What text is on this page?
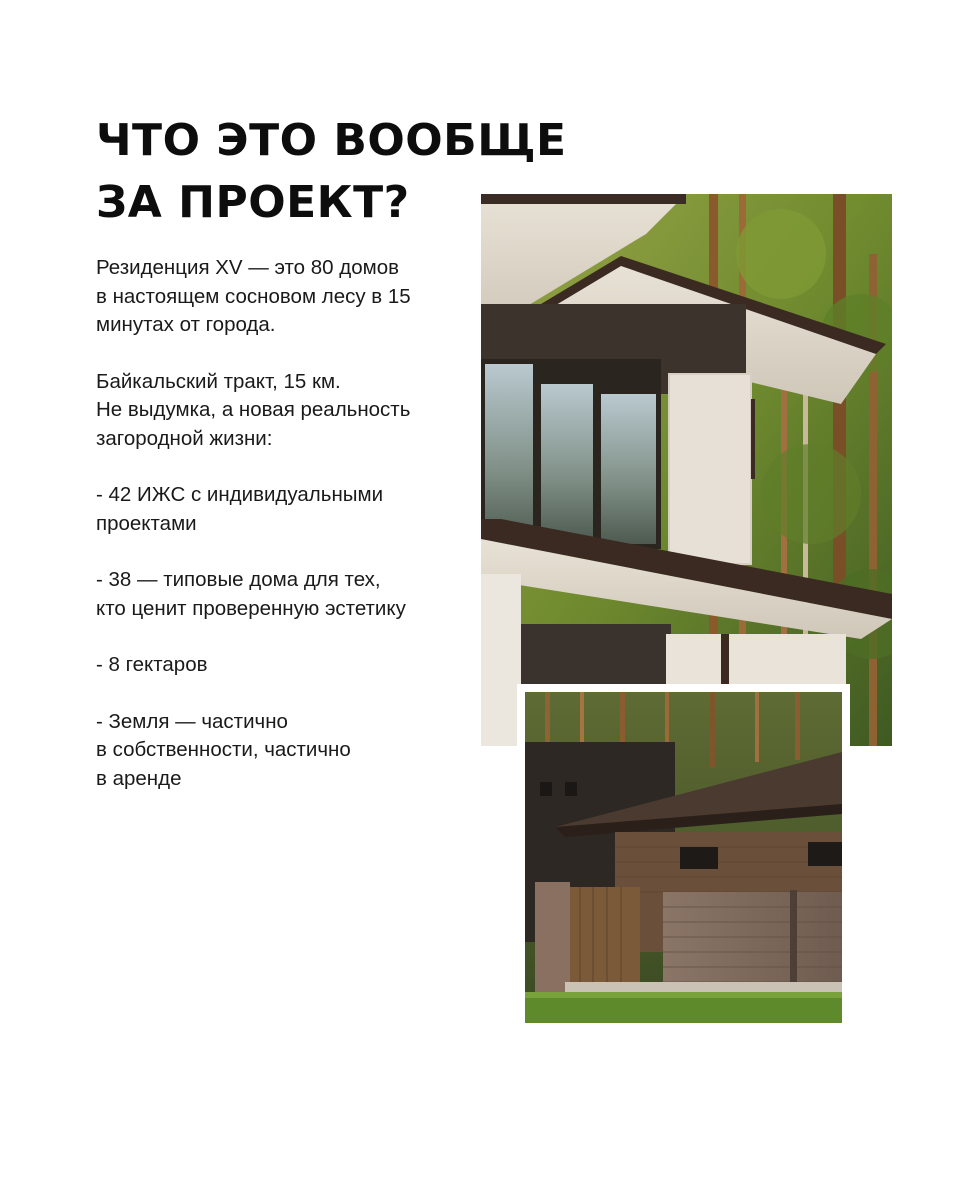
ЧТО ЭТО ВООБЩЕ
ЗА ПРОЕКТ?

Резиденция XV — это 80 домов
в настоящем сосновом лесу в 15
минутах от города.

Байкальский тракт, 15 км.
Не выдумка, а новая реальность
загородной жизни:

- 42 ИЖС с индивидуальными
проектами

- 38 — типовые дома для тех,
кто ценит проверенную эстетику

- 8 гектаров

- Земля — частично
в собственности, частично
в аренде
